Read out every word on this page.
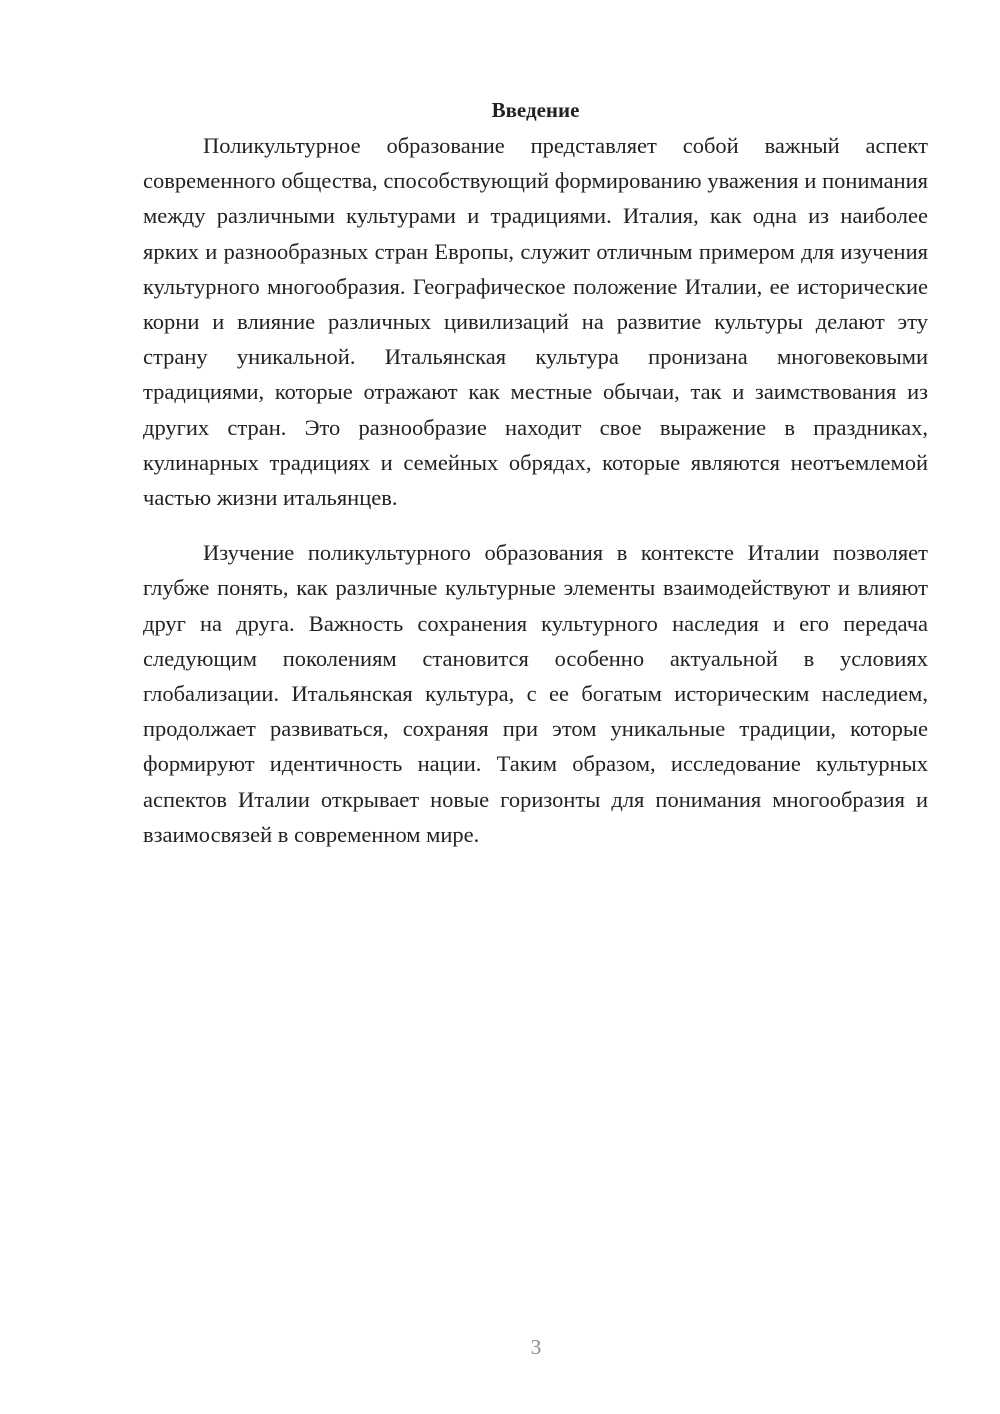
Введение

Поликультурное образование представляет собой важный аспект современного общества, способствующий формированию уважения и понимания между различными культурами и традициями. Италия, как одна из наиболее ярких и разнообразных стран Европы, служит отличным примером для изучения культурного многообразия. Географическое положение Италии, ее исторические корни и влияние различных цивилизаций на развитие культуры делают эту страну уникальной. Итальянская культура пронизана многовековыми традициями, которые отражают как местные обычаи, так и заимствования из других стран. Это разнообразие находит свое выражение в праздниках, кулинарных традициях и семейных обрядах, которые являются неотъемлемой частью жизни итальянцев.

Изучение поликультурного образования в контексте Италии позволяет глубже понять, как различные культурные элементы взаимодействуют и влияют друг на друга. Важность сохранения культурного наследия и его передача следующим поколениям становится особенно актуальной в условиях глобализации. Итальянская культура, с ее богатым историческим наследием, продолжает развиваться, сохраняя при этом уникальные традиции, которые формируют идентичность нации. Таким образом, исследование культурных аспектов Италии открывает новые горизонты для понимания многообразия и взаимосвязей в современном мире.

3
